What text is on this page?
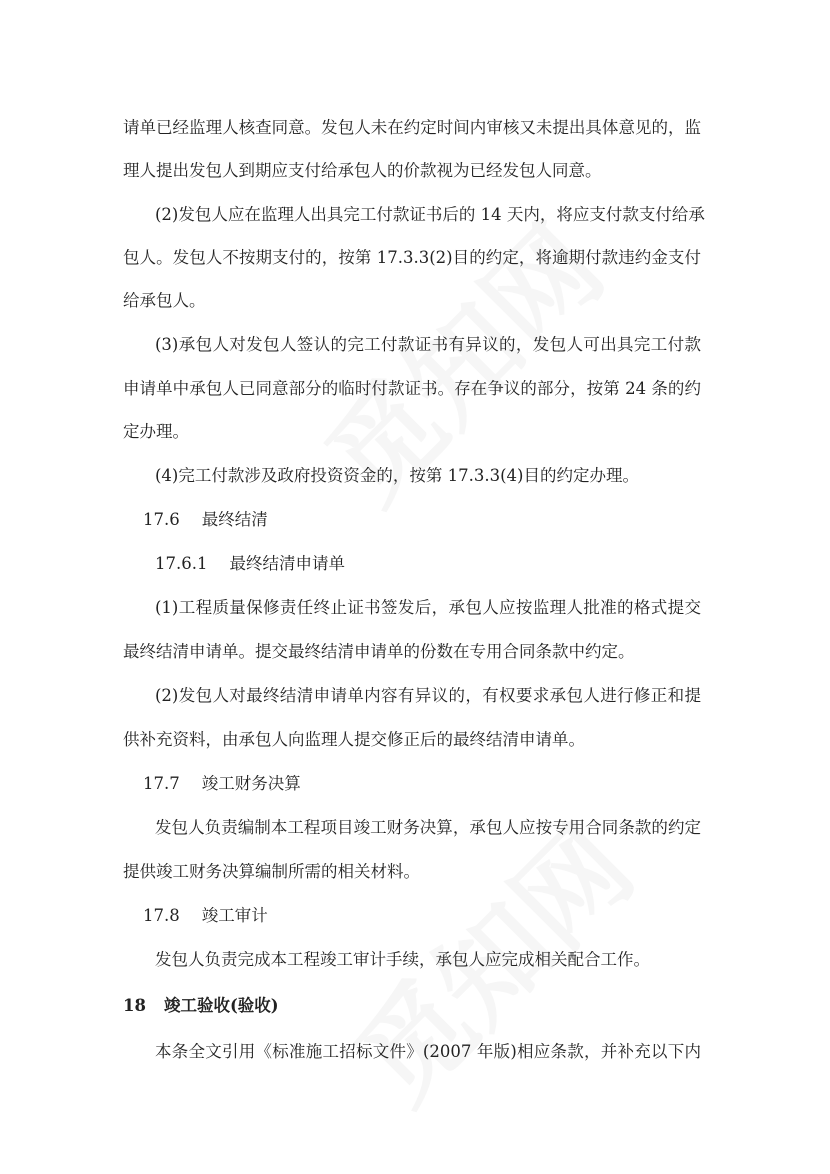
请单已经监理人核查同意。发包人未在约定时间内审核又未提出具体意见的，监
理人提出发包人到期应支付给承包人的价款视为已经发包人同意。
(2)发包人应在监理人出具完工付款证书后的 14 天内，将应支付款支付给承
包人。发包人不按期支付的，按第 17.3.3(2)目的约定，将逾期付款违约金支付
给承包人。
(3)承包人对发包人签认的完工付款证书有异议的，发包人可出具完工付款
申请单中承包人已同意部分的临时付款证书。存在争议的部分，按第 24 条的约
定办理。
(4)完工付款涉及政府投资资金的，按第 17.3.3(4)目的约定办理。
17.6 最终结清
17.6.1 最终结清申请单
(1)工程质量保修责任终止证书签发后，承包人应按监理人批准的格式提交
最终结清申请单。提交最终结清申请单的份数在专用合同条款中约定。
(2)发包人对最终结清申请单内容有异议的，有权要求承包人进行修正和提
供补充资料，由承包人向监理人提交修正后的最终结清申请单。
17.7 竣工财务决算
发包人负责编制本工程项目竣工财务决算，承包人应按专用合同条款的约定
提供竣工财务决算编制所需的相关材料。
17.8 竣工审计
发包人负责完成本工程竣工审计手续，承包人应完成相关配合工作。
18 竣工验收(验收)
本条全文引用《标准施工招标文件》(2007 年版)相应条款，并补充以下内
